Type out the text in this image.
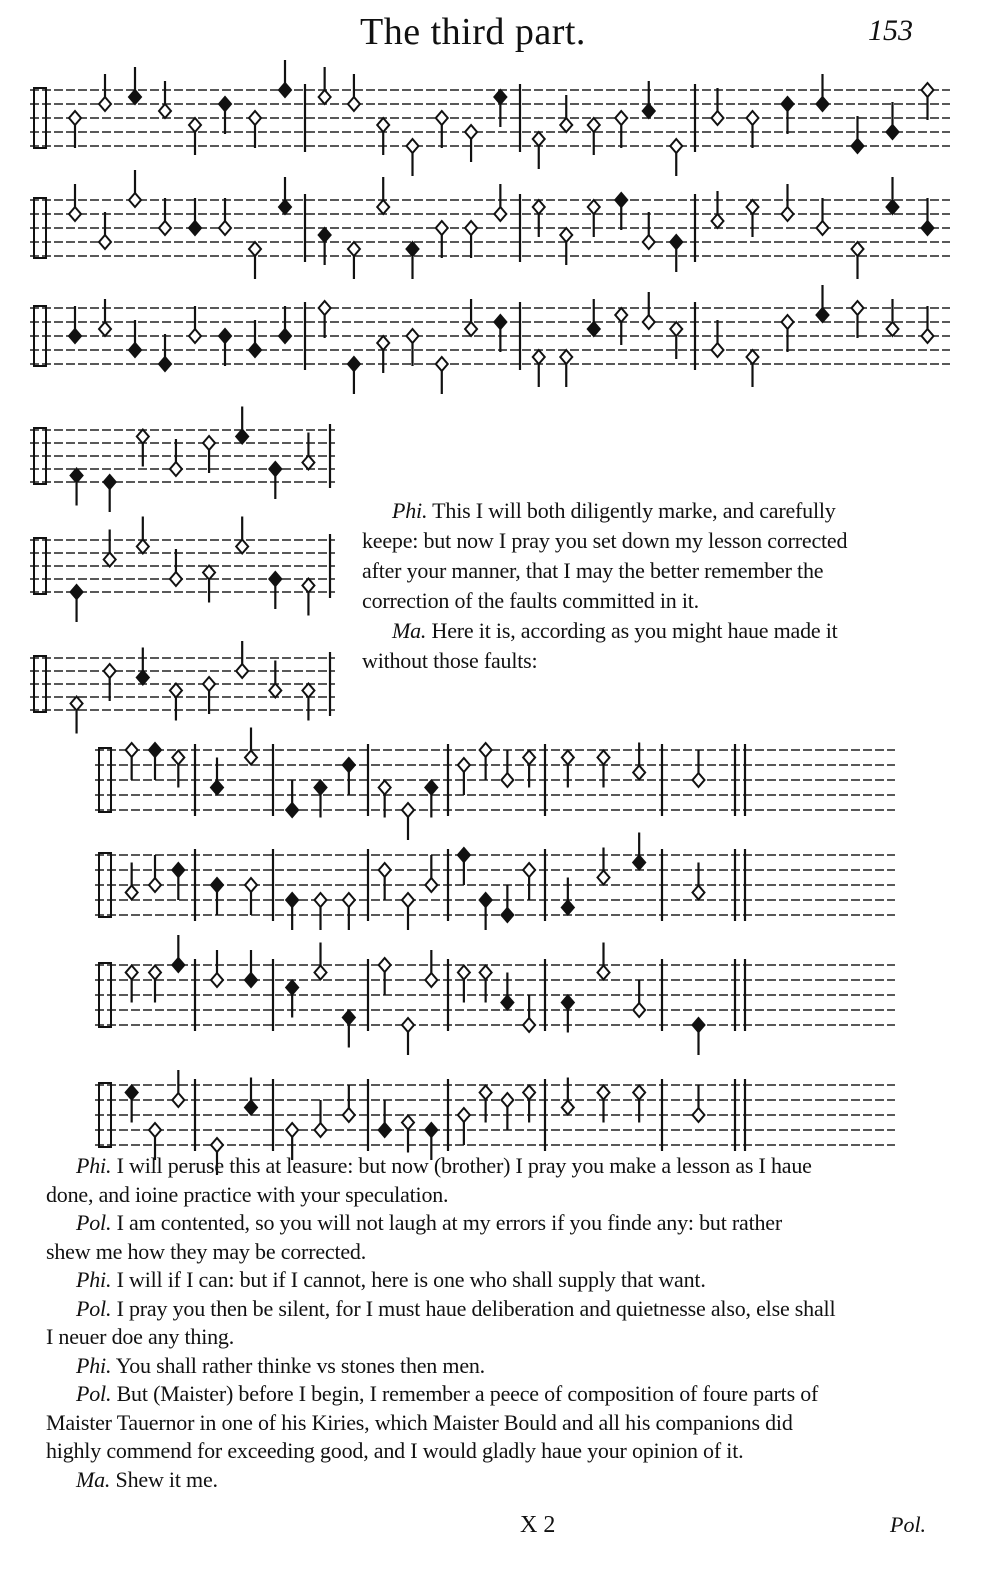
The third part.	153
Phi. This I will both diligently marke, and carefully
keepe: but now I pray you set down my lesson corrected
after your manner, that I may the better remember the
correction of the faults committed in it.
Ma. Here it is, according as you might haue made it
without those faults:
Phi. I will peruse this at leasure: but now (brother) I pray you make a lesson as I haue
done, and ioine practice with your speculation.
Pol. I am contented, so you will not laugh at my errors if you finde any: but rather
shew me how they may be corrected.
Phi. I will if I can: but if I cannot, here is one who shall supply that want.
Pol. I pray you then be silent, for I must haue deliberation and quietnesse also, else shall
I neuer doe any thing.
Phi. You shall rather thinke vs stones then men.
Pol. But (Maister) before I begin, I remember a peece of composition of foure parts of
Maister Tauernor in one of his Kiries, which Maister Bould and all his companions did
highly commend for exceeding good, and I would gladly haue your opinion of it.
Ma. Shew it me.
X 2	Pol.
